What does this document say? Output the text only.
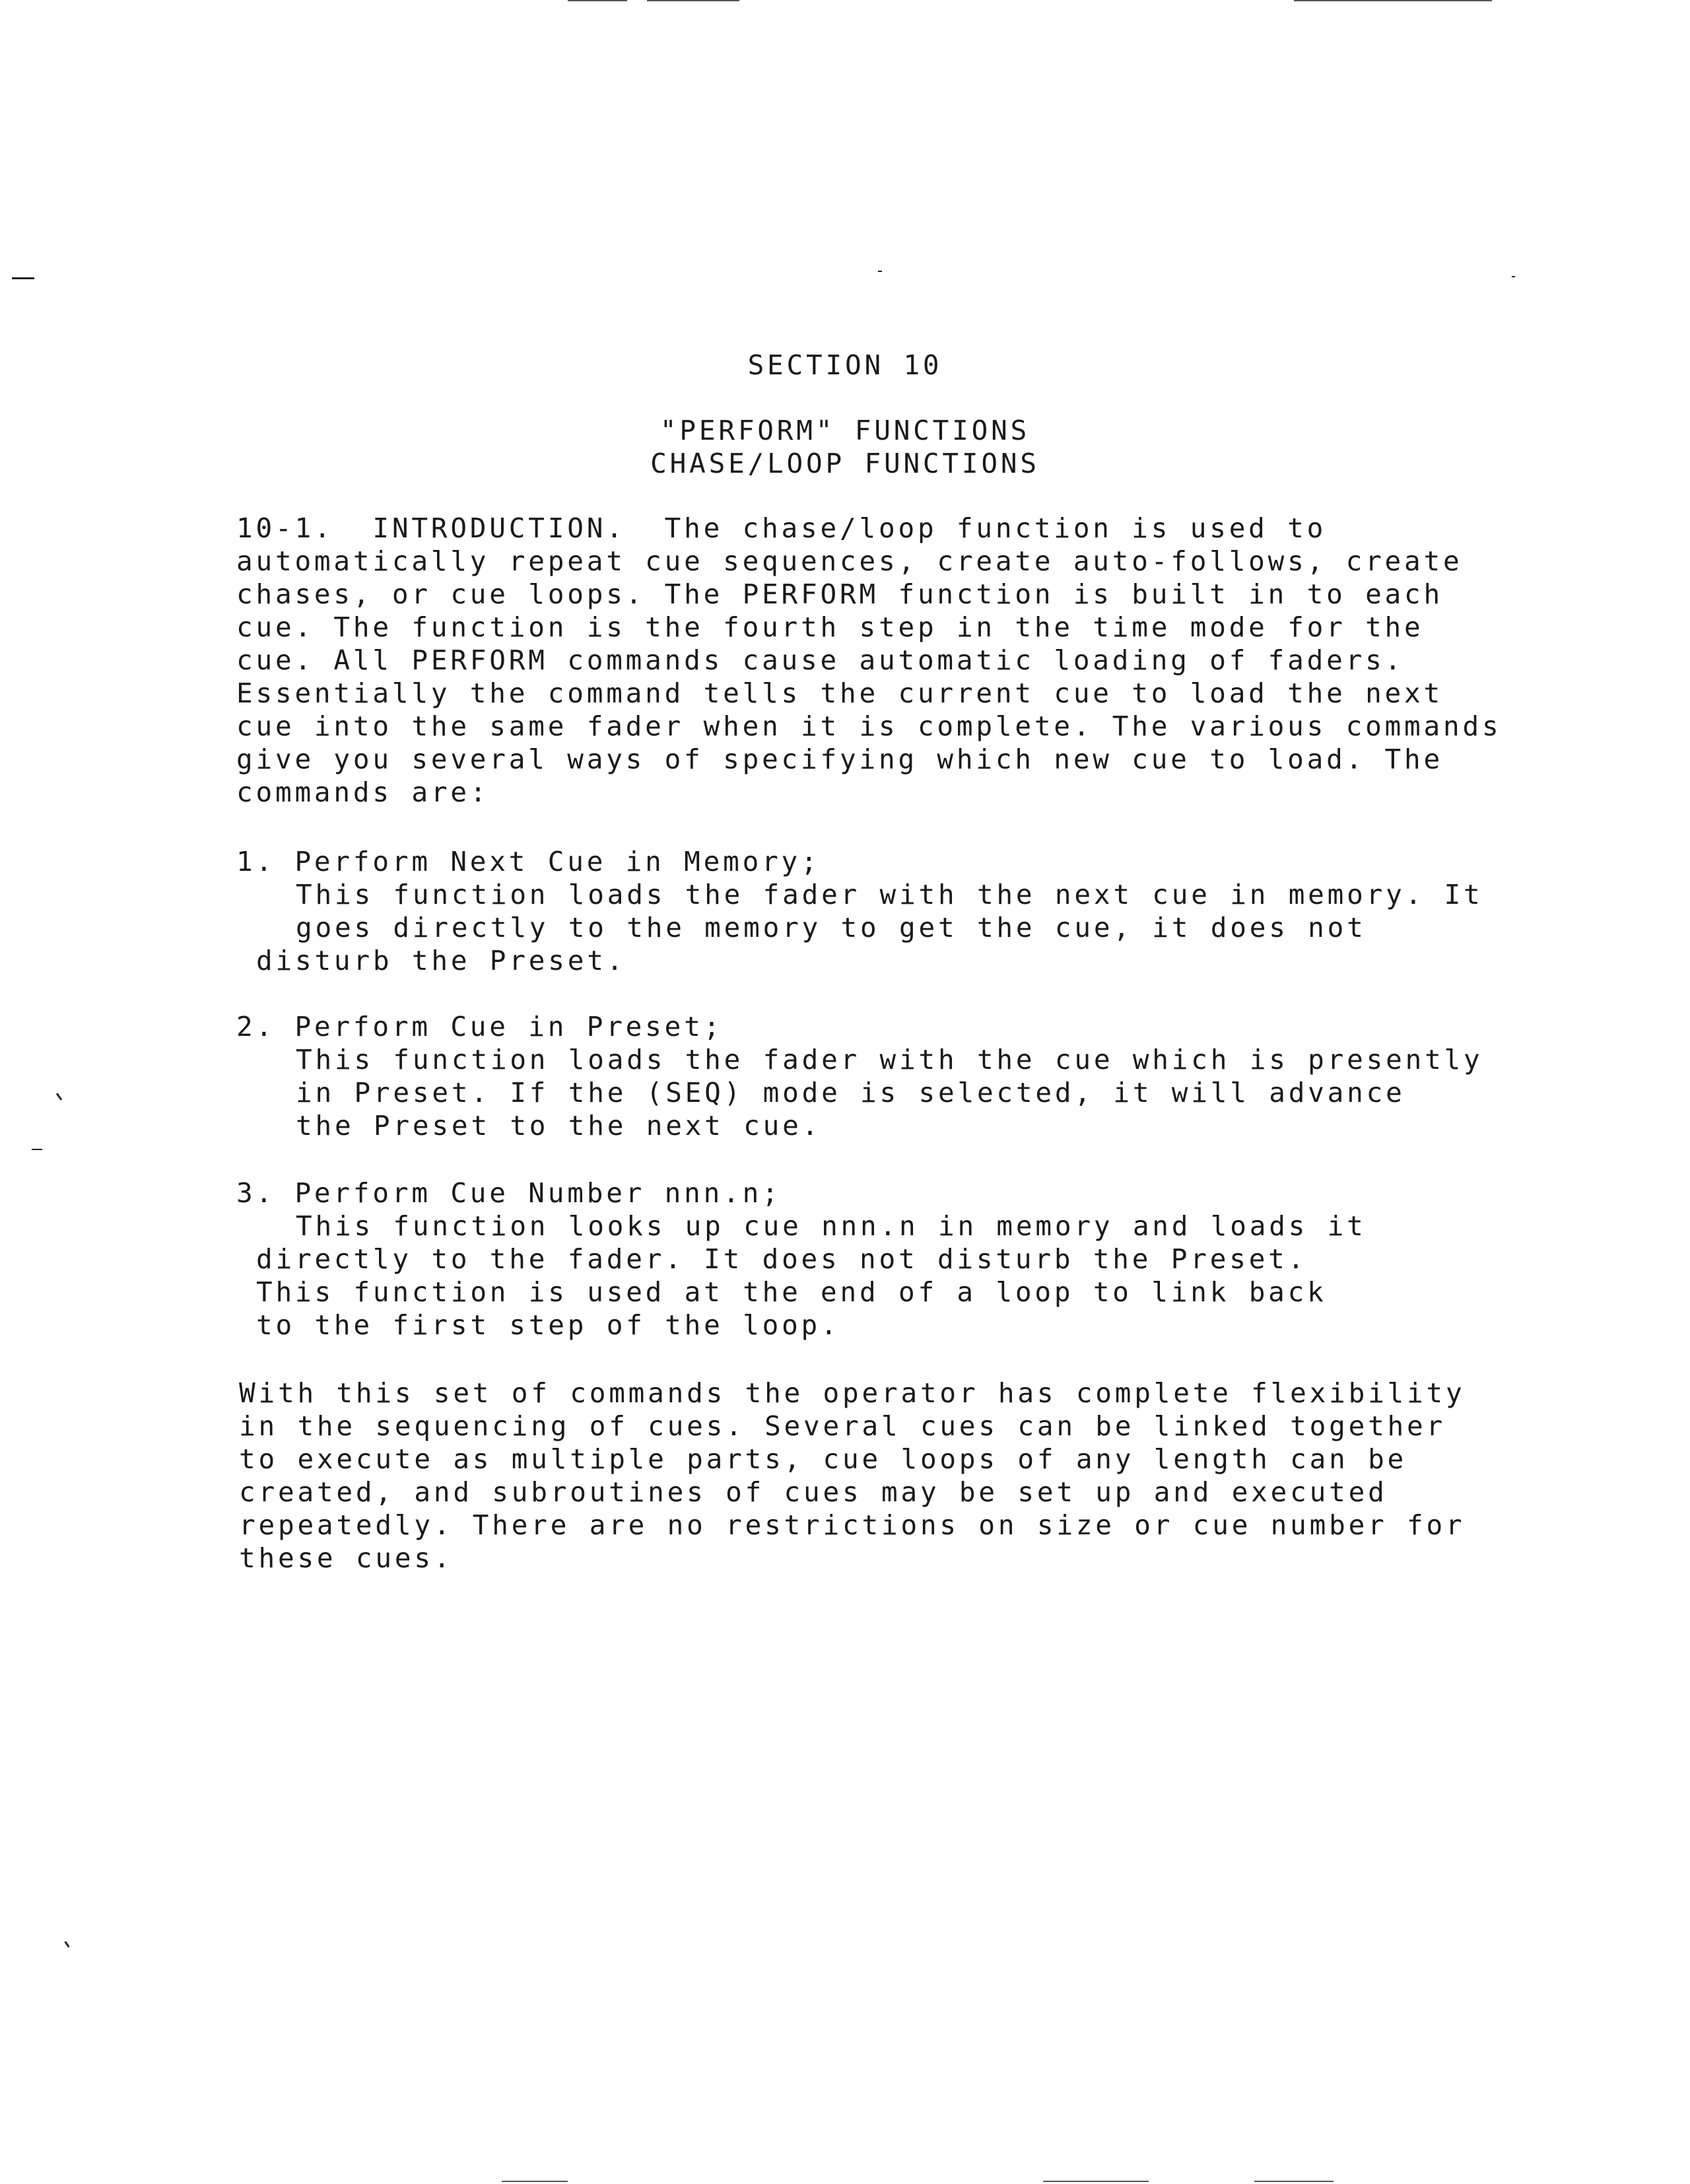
SECTION 10
"PERFORM" FUNCTIONS
CHASE/LOOP FUNCTIONS
10-1.  INTRODUCTION.  The chase/loop function is used to
automatically repeat cue sequences, create auto-follows, create
chases, or cue loops. The PERFORM function is built in to each
cue. The function is the fourth step in the time mode for the
cue. All PERFORM commands cause automatic loading of faders.
Essentially the command tells the current cue to load the next
cue into the same fader when it is complete. The various commands
give you several ways of specifying which new cue to load. The
commands are:
1. Perform Next Cue in Memory;
This function loads the fader with the next cue in memory. It
goes directly to the memory to get the cue, it does not
disturb the Preset.
2. Perform Cue in Preset;
This function loads the fader with the cue which is presently
in Preset. If the (SEQ) mode is selected, it will advance
the Preset to the next cue.
3. Perform Cue Number nnn.n;
This function looks up cue nnn.n in memory and loads it
directly to the fader. It does not disturb the Preset.
This function is used at the end of a loop to link back
to the first step of the loop.
With this set of commands the operator has complete flexibility
in the sequencing of cues. Several cues can be linked together
to execute as multiple parts, cue loops of any length can be
created, and subroutines of cues may be set up and executed
repeatedly. There are no restrictions on size or cue number for
these cues.
